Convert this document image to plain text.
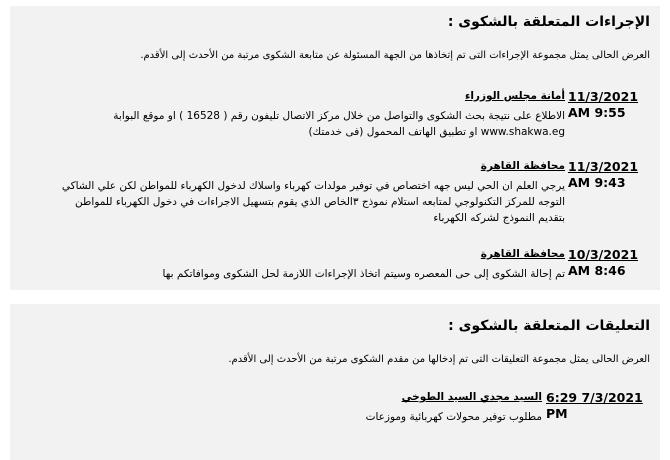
الإجراءات المتعلقة بالشكوى :
العرض الحالى يمثل مجموعة الإجراءات التى تم إتخاذها من الجهة المسئولة عن متابعة الشكوى مرتبة من الأحدث إلى الأقدم.
11/3/2021
AM 9:55
أمانة مجلس الوزراء
الاطلاع على نتيجة بحث الشكوى والتواصل من خلال مركز الاتصال تليفون رقم ( 16528 ) او موقع البوابة
www.shakwa.eg او تطبيق الهاتف المحمول (فى خدمتك)
11/3/2021
AM 9:43
محافظة القاهرة
يرجي العلم ان الحي ليس جهه اختصاص في توفير مولدات كهرباء واسلاك لدخول الكهرباء للمواطن لكن علي الشاكي
التوجه للمركز التكنولوجي لمتابعه استلام نموذج ٣الخاص الذي يقوم بتسهيل الاجراءات في دخول الكهرباء للمواطن
بتقديم النموذج لشركه الكهرباء
10/3/2021
AM 8:46
محافظة القاهرة
تم إحالة الشكوى إلى حى المعصره وسيتم اتخاذ الإجراءات اللازمة لحل الشكوى وموافاتكم بها
التعليقات المتعلقة بالشكوى :
العرض الحالى يمثل مجموعة التعليقات التى تم إدخالها من مقدم الشكوى مرتبة من الأحدث إلى الأقدم.
6:29 7/3/2021
PM
السيد مجدي السيد الطوخي
مطلوب توفير محولات كهربائية وموزعات
